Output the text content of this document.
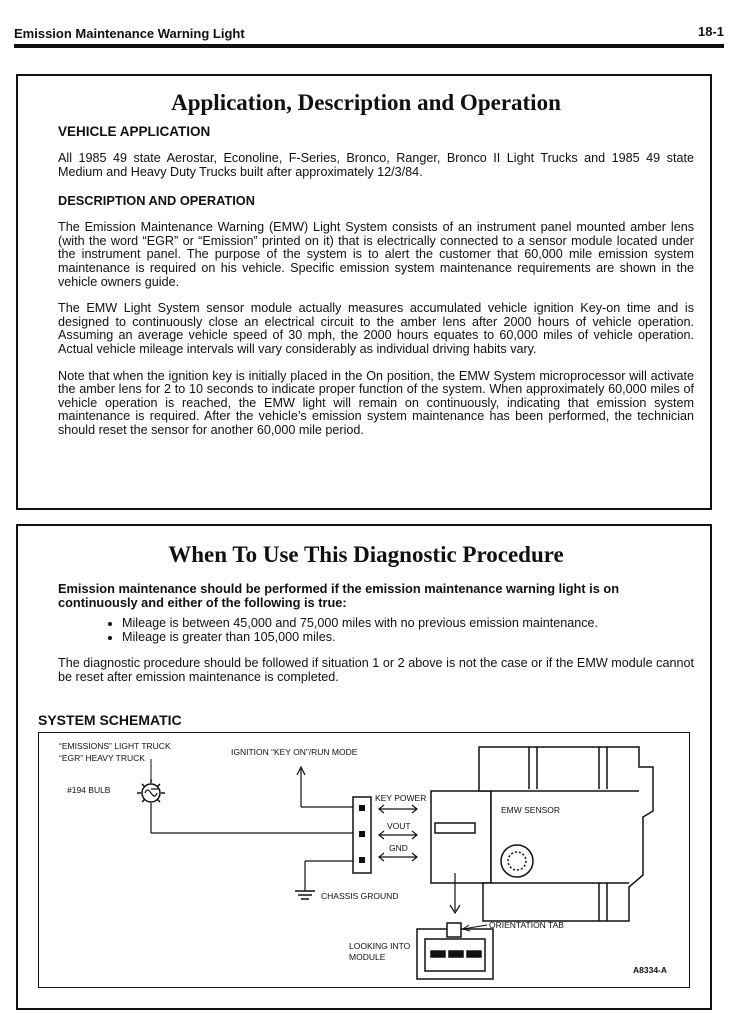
Emission Maintenance Warning Light	18-1
Application, Description and Operation

VEHICLE APPLICATION

All 1985 49 state Aerostar, Econoline, F-Series, Bronco, Ranger, Bronco II Light Trucks and 1985 49 state Medium and Heavy Duty Trucks built after approximately 12/3/84.

DESCRIPTION AND OPERATION

The Emission Maintenance Warning (EMW) Light System consists of an instrument panel mounted amber lens (with the word “EGR” or “Emission” printed on it) that is electrically connected to a sensor module located under the instrument panel. The purpose of the system is to alert the customer that 60,000 mile emission system maintenance is required on his vehicle. Specific emission system maintenance requirements are shown in the vehicle owners guide.

The EMW Light System sensor module actually measures accumulated vehicle ignition Key-on time and is designed to continuously close an electrical circuit to the amber lens after 2000 hours of vehicle operation. Assuming an average vehicle speed of 30 mph, the 2000 hours equates to 60,000 miles of vehicle operation. Actual vehicle mileage intervals will vary considerably as individual driving habits vary.

Note that when the ignition key is initially placed in the On position, the EMW System microprocessor will activate the amber lens for 2 to 10 seconds to indicate proper function of the system. When approximately 60,000 miles of vehicle operation is reached, the EMW light will remain on continuously, indicating that emission system maintenance is required. After the vehicle’s emission system maintenance has been performed, the technician should reset the sensor for another 60,000 mile period.

When To Use This Diagnostic Procedure

Emission maintenance should be performed if the emission maintenance warning light is on continuously and either of the following is true:

• Mileage is between 45,000 and 75,000 miles with no previous emission maintenance.
• Mileage is greater than 105,000 miles.

The diagnostic procedure should be followed if situation 1 or 2 above is not the case or if the EMW module cannot be reset after emission maintenance is completed.

SYSTEM SCHEMATIC
“EMISSIONS” LIGHT TRUCK
“EGR” HEAVY TRUCK
IGNITION “KEY ON”/RUN MODE
#194 BULB
CHASSIS GROUND
KEY POWER
VOUT
GND
EMW SENSOR
ORIENTATION TAB
LOOKING INTO
MODULE
A8334-A
